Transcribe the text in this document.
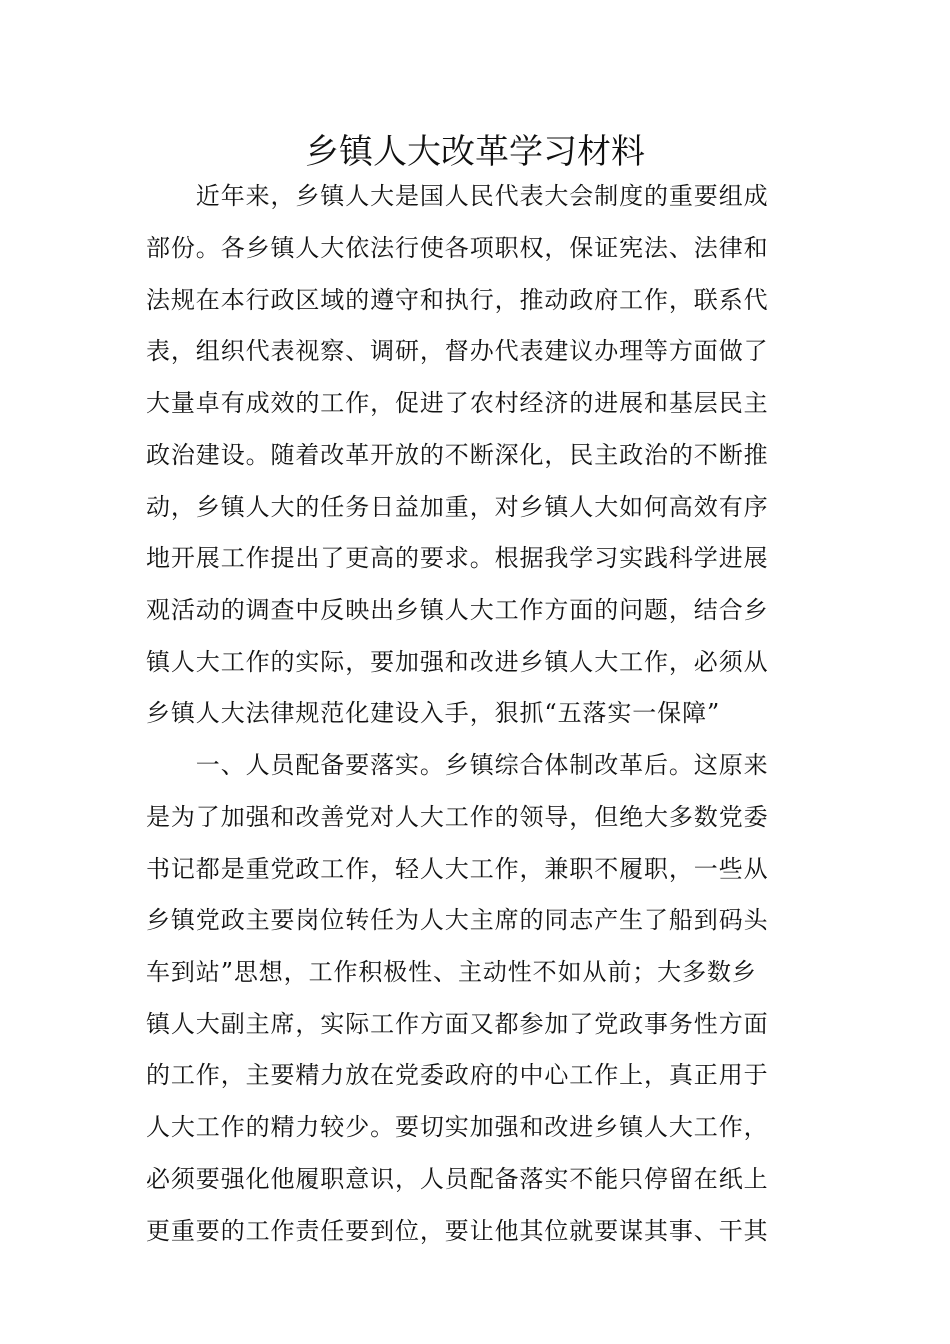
乡镇人大改革学习材料
　　近年来，乡镇人大是国人民代表大会制度的重要组成
部份。各乡镇人大依法行使各项职权，保证宪法、法律和
法规在本行政区域的遵守和执行，推动政府工作，联系代
表，组织代表视察、调研，督办代表建议办理等方面做了
大量卓有成效的工作，促进了农村经济的进展和基层民主
政治建设。随着改革开放的不断深化，民主政治的不断推
动，乡镇人大的任务日益加重，对乡镇人大如何高效有序
地开展工作提出了更高的要求。根据我学习实践科学进展
观活动的调查中反映出乡镇人大工作方面的问题，结合乡
镇人大工作的实际，要加强和改进乡镇人大工作，必须从
乡镇人大法律规范化建设入手，狠抓“五落实一保障”
　　一、人员配备要落实。乡镇综合体制改革后。这原来
是为了加强和改善党对人大工作的领导，但绝大多数党委
书记都是重党政工作，轻人大工作，兼职不履职，一些从
乡镇党政主要岗位转任为人大主席的同志产生了船到码头
车到站”思想，工作积极性、主动性不如从前；大多数乡
镇人大副主席，实际工作方面又都参加了党政事务性方面
的工作，主要精力放在党委政府的中心工作上，真正用于
人大工作的精力较少。要切实加强和改进乡镇人大工作，
必须要强化他履职意识，人员配备落实不能只停留在纸上
更重要的工作责任要到位，要让他其位就要谋其事、干其
